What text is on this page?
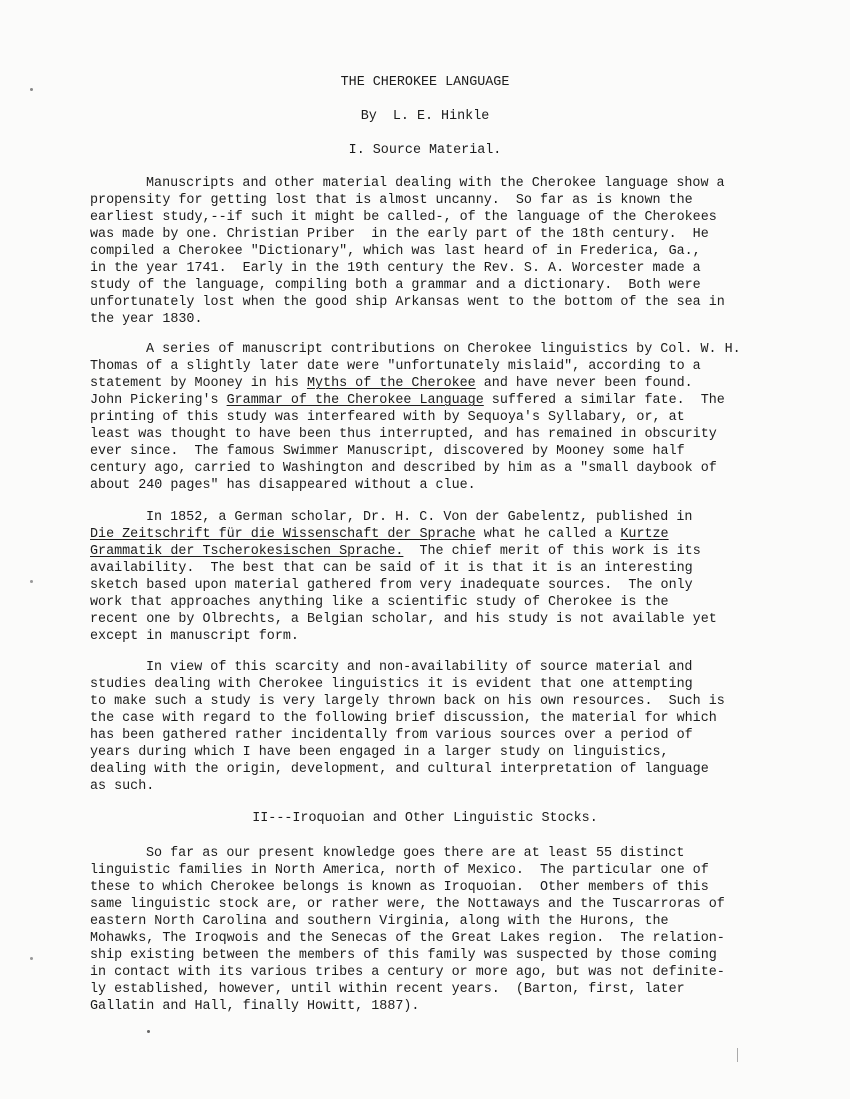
THE CHEROKEE LANGUAGE
By  L. E. Hinkle
I. Source Material.
Manuscripts and other material dealing with the Cherokee language show a
propensity for getting lost that is almost uncanny.  So far as is known the
earliest study,--if such it might be called-, of the language of the Cherokees
was made by one. Christian Priber  in the early part of the 18th century.  He
compiled a Cherokee "Dictionary", which was last heard of in Frederica, Ga.,
in the year 1741.  Early in the 19th century the Rev. S. A. Worcester made a
study of the language, compiling both a grammar and a dictionary.  Both were
unfortunately lost when the good ship Arkansas went to the bottom of the sea in
the year 1830.
A series of manuscript contributions on Cherokee linguistics by Col. W. H.
Thomas of a slightly later date were "unfortunately mislaid", according to a
statement by Mooney in his Myths of the Cherokee and have never been found.
John Pickering's Grammar of the Cherokee Language suffered a similar fate.  The
printing of this study was interfeared with by Sequoya's Syllabary, or, at
least was thought to have been thus interrupted, and has remained in obscurity
ever since.  The famous Swimmer Manuscript, discovered by Mooney some half
century ago, carried to Washington and described by him as a "small daybook of
about 240 pages" has disappeared without a clue.
In 1852, a German scholar, Dr. H. C. Von der Gabelentz, published in
Die Zeitschrift für die Wissenschaft der Sprache what he called a Kurtze
Grammatik der Tscherokesischen Sprache.  The chief merit of this work is its
availability.  The best that can be said of it is that it is an interesting
sketch based upon material gathered from very inadequate sources.  The only
work that approaches anything like a scientific study of Cherokee is the
recent one by Olbrechts, a Belgian scholar, and his study is not available yet
except in manuscript form.
In view of this scarcity and non-availability of source material and
studies dealing with Cherokee linguistics it is evident that one attempting
to make such a study is very largely thrown back on his own resources.  Such is
the case with regard to the following brief discussion, the material for which
has been gathered rather incidentally from various sources over a period of
years during which I have been engaged in a larger study on linguistics,
dealing with the origin, development, and cultural interpretation of language
as such.
II---Iroquoian and Other Linguistic Stocks.
So far as our present knowledge goes there are at least 55 distinct
linguistic families in North America, north of Mexico.  The particular one of
these to which Cherokee belongs is known as Iroquoian.  Other members of this
same linguistic stock are, or rather were, the Nottaways and the Tuscarroras of
eastern North Carolina and southern Virginia, along with the Hurons, the
Mohawks, The Iroqwois and the Senecas of the Great Lakes region.  The relation-
ship existing between the members of this family was suspected by those coming
in contact with its various tribes a century or more ago, but was not definite-
ly established, however, until within recent years.  (Barton, first, later
Gallatin and Hall, finally Howitt, 1887).
